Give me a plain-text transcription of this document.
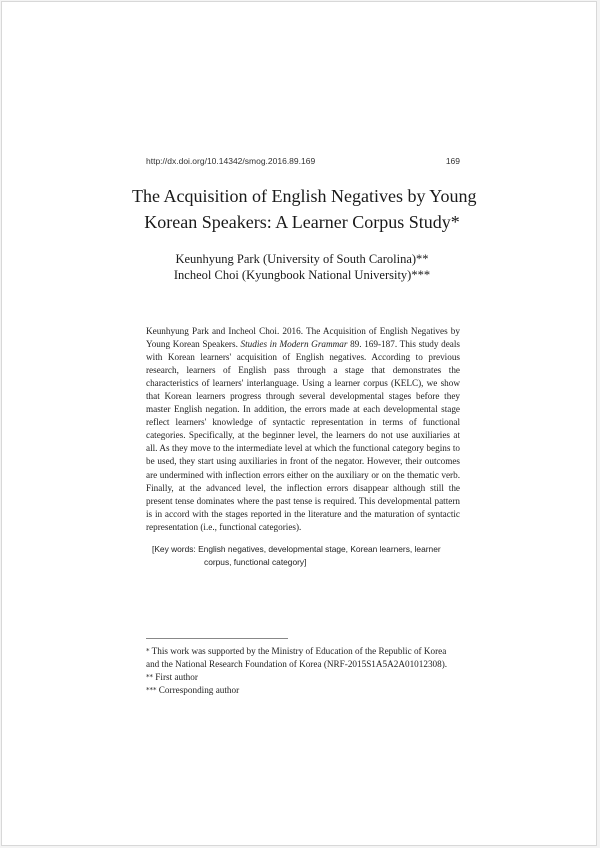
http://dx.doi.org/10.14342/smog.2016.89.169	169
The Acquisition of English Negatives by Young
Korean Speakers: A Learner Corpus Study*
Keunhyung Park (University of South Carolina)**
Incheol Choi (Kyungbook National University)***
Keunhyung Park and Incheol Choi. 2016. The Acquisition of English Negatives by Young Korean Speakers. Studies in Modern Grammar 89. 169-187. This study deals with Korean learners' acquisition of English negatives. According to previous research, learners of English pass through a stage that demonstrates the characteristics of learners' interlanguage. Using a learner corpus (KELC), we show that Korean learners progress through several developmental stages before they master English negation. In addition, the errors made at each developmental stage reflect learners' knowledge of syntactic representation in terms of functional categories. Specifically, at the beginner level, the learners do not use auxiliaries at all. As they move to the intermediate level at which the functional category begins to be used, they start using auxiliaries in front of the negator. However, their outcomes are undermined with inflection errors either on the auxiliary or on the thematic verb. Finally, at the advanced level, the inflection errors disappear although still the present tense dominates where the past tense is required. This developmental pattern is in accord with the stages reported in the literature and the maturation of syntactic representation (i.e., functional categories).
[Key words: English negatives, developmental stage, Korean learners, learner
corpus, functional category]
* This work was supported by the Ministry of Education of the Republic of Korea
and the National Research Foundation of Korea (NRF-2015S1A5A2A01012308).
** First author
*** Corresponding author
